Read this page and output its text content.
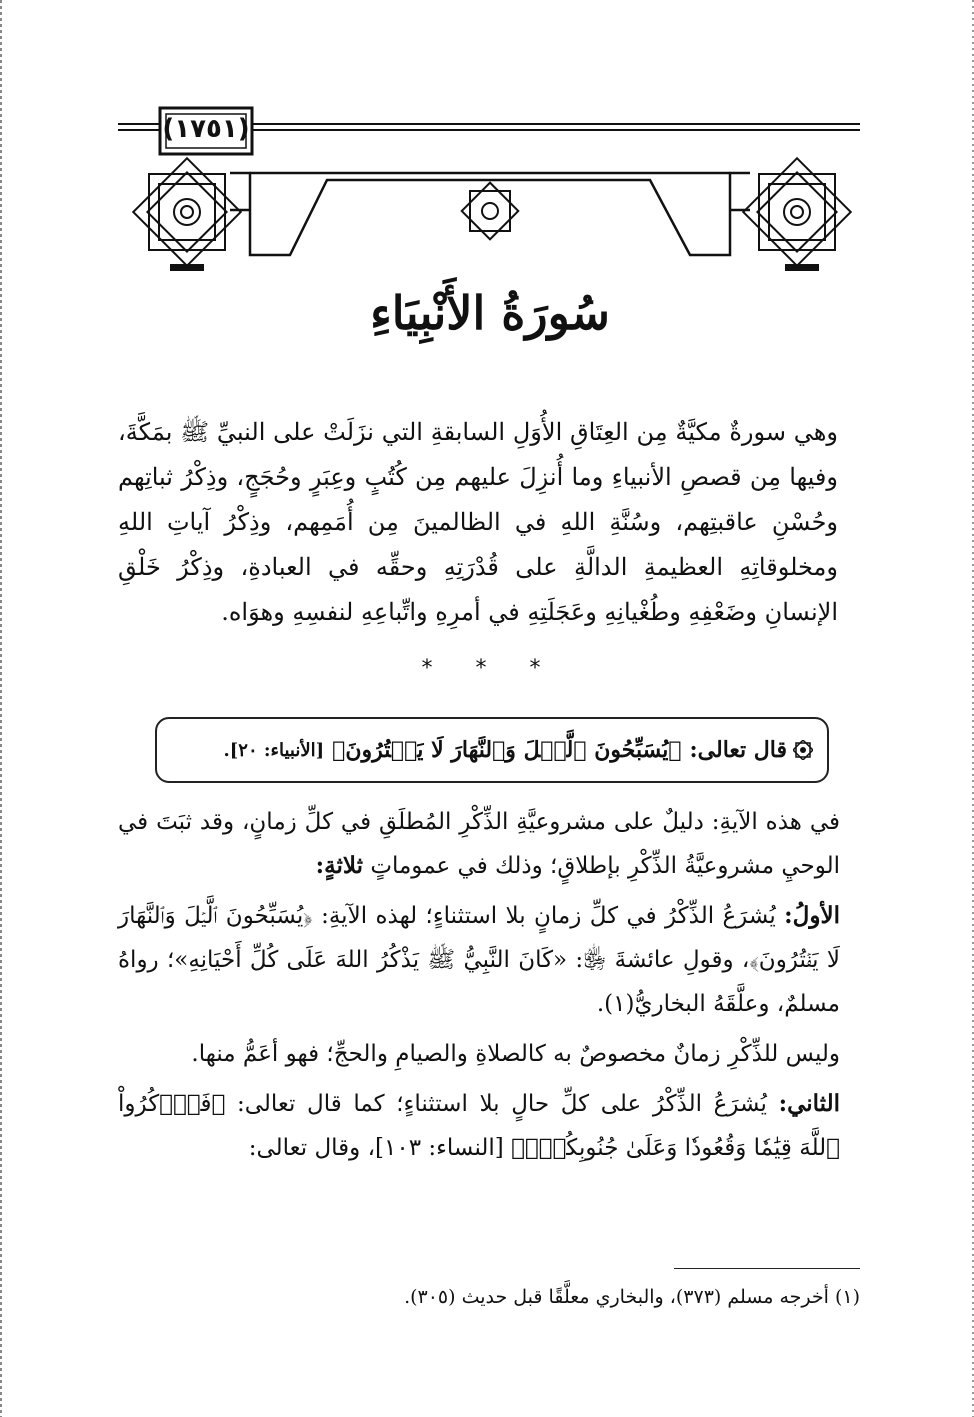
(١٧٥١)
سُورَةُ الأَنْبِيَاءِ
وهي سورةٌ مكيَّةٌ مِن العِتَاقِ الأُوَلِ السابقةِ التي نزَلَتْ على النبيِّ ﷺ بمَكَّةَ، وفيها مِن قصصِ الأنبياءِ وما أُنزِلَ عليهم مِن كُتُبٍ وعِبَرٍ وحُجَجٍ، وذِكْرُ ثباتِهم وحُسْنِ عاقبتِهم، وسُنَّةِ اللهِ في الظالمينَ مِن أُمَمِهم، وذِكْرُ آياتِ اللهِ ومخلوقاتِهِ العظيمةِ الدالَّةِ على قُدْرَتِهِ وحقِّه في العبادةِ، وذِكْرُ خَلْقِ الإنسانِ وضَعْفِهِ وطُغْيانِهِ وعَجَلَتِهِ في أمرِهِ واتِّباعِهِ لنفسِهِ وهوَاه.
* * *
قال تعالى:
﴿يُسَبِّحُونَ ٱلَّيۡلَ وَٱلنَّهَارَ لَا يَفۡتُرُونَ﴾
[الأنبياء: ٢٠].

في هذه الآيةِ: دليلٌ على مشروعيَّةِ الذِّكْرِ المُطلَقِ في كلِّ زمانٍ، وقد ثبَتَ في الوحيِ مشروعيَّةُ الذِّكْرِ بإطلاقٍ؛ وذلك في عموماتٍ ثلاثةٍ:

الأولُ: يُشرَعُ الذِّكْرُ في كلِّ زمانٍ بلا استثناءٍ؛ لهذه الآيةِ: ﴿يُسَبِّحُونَ ٱلَّيۡلَ وَٱلنَّهَارَ لَا يَفۡتُرُونَ﴾، وقولِ عائشةَ ﵂: «كَانَ النَّبِيُّ ﷺ يَذْكُرُ اللهَ عَلَى كُلِّ أَحْيَانِهِ»؛ رواهُ مسلمٌ، وعلَّقَهُ البخاريُّ(١).

وليس للذِّكْرِ زمانٌ مخصوصٌ به كالصلاةِ والصيامِ والحجِّ؛ فهو أعَمُّ منها.

الثاني: يُشرَعُ الذِّكْرُ على كلِّ حالٍ بلا استثناءٍ؛ كما قال تعالى: ﴿فَٱذۡكُرُواْ ٱللَّهَ قِيَٰمٗا وَقُعُودٗا وَعَلَىٰ جُنُوبِكُمۡۚ﴾ [النساء: ١٠٣]، وقال تعالى:

(١) أخرجه مسلم (٣٧٣)، والبخاري معلَّقًا قبل حديث (٣٠٥).
